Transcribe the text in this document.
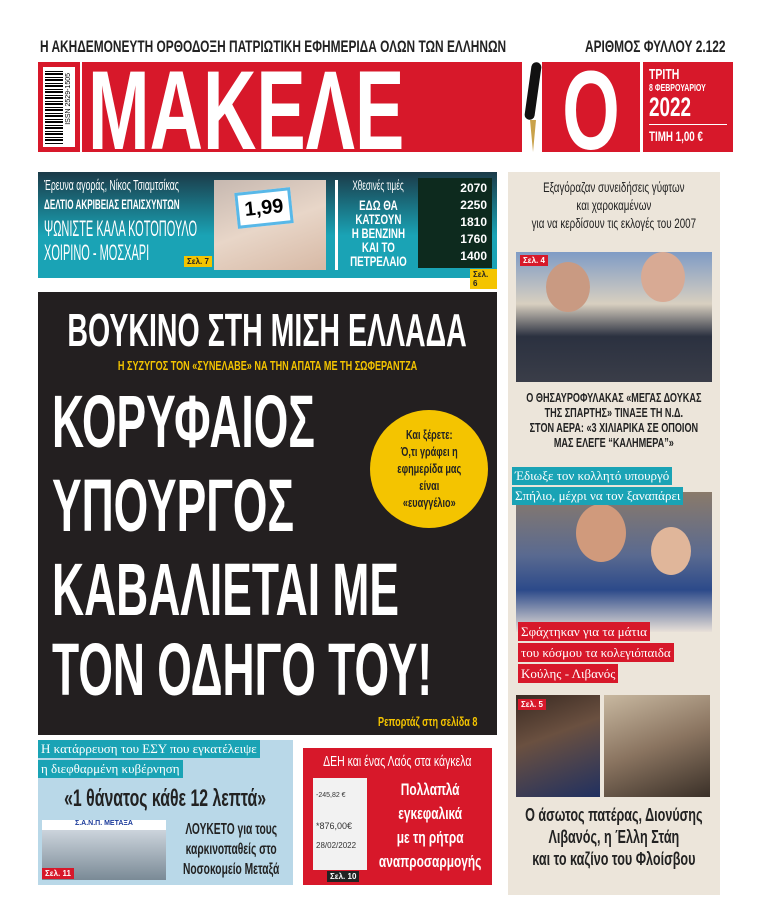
Η ΑΚΗΔΕΜΟΝΕΥΤΗ ΟΡΘΟΔΟΞΗ ΠΑΤΡΙΩΤΙΚΗ ΕΦΗΜΕΡΙΔΑ ΟΛΩΝ ΤΩΝ ΕΛΛΗΝΩΝ	ΑΡΙΘΜΟΣ ΦΥΛΛΟΥ 2.122
ISSN 2529-1505 ΜΑΚΕΛΕ	Ο ΤΡΙΤΗ
8 ΦΕΒΡΟΥΑΡΙΟΥ
2022
ΤΙΜΗ 1,00 €
Έρευνα αγοράς, Νίκος Τσιαμτσίκας
ΔΕΛΤΙΟ ΑΚΡΙΒΕΙΑΣ ΕΠΑΙΣΧΥΝΤΩΝ
ΨΩΝΙΣΤΕ ΚΑΛΑ ΚΟΤΟΠΟΥΛΟ
ΧΟΙΡΙΝΟ - ΜΟΣΧΑΡΙ	Σελ. 7
1,99
Χθεσινές τιμές
ΕΔΩ ΘΑ
ΚΑΤΣΟΥΝ
Η ΒΕΝΖΙΝΗ
ΚΑΙ ΤΟ
ΠΕΤΡΕΛΑΙΟ
2070
2250
1810
1760
1400
Σελ. 6
ΒΟΥΚΙΝΟ ΣΤΗ ΜΙΣΗ ΕΛΛΑΔΑ
Η ΣΥΖΥΓΟΣ ΤΟΝ «ΣΥΝΕΛΑΒΕ» ΝΑ ΤΗΝ ΑΠΑΤΑ ΜΕ ΤΗ ΣΩΦΕΡΑΝΤΖΑ
ΚΟΡΥΦΑΙΟΣ
ΥΠΟΥΡΓΟΣ
ΚΑΒΑΛΙΕΤΑΙ ΜΕ
ΤΟΝ ΟΔΗΓΟ ΤΟΥ!
Και ξέρετε:
Ό,τι γράφει η
εφημερίδα μας
είναι
«ευαγγέλιο»
Ρεπορτάζ στη σελίδα 8
Εξαγόραζαν συνειδήσεις γύφτων
και χαροκαμένων
για να κερδίσουν τις εκλογές του 2007
Σελ. 4
Ο ΘΗΣΑΥΡΟΦΥΛΑΚΑΣ «ΜΕΓΑΣ ΔΟΥΚΑΣ
ΤΗΣ ΣΠΑΡΤΗΣ» ΤΙΝΑΞΕ ΤΗ Ν.Δ.
ΣΤΟΝ ΑΕΡΑ: «3 ΧΙΛΙΑΡΙΚΑ ΣΕ ΟΠΟΙΟΝ
ΜΑΣ ΕΛΕΓΕ “ΚΑΛΗΜΕΡΑ”»
Έδιωξε τον κολλητό υπουργό
Σπήλιο, μέχρι να τον ξαναπάρει
Σφάχτηκαν για τα μάτια
του κόσμου τα κολεγιόπαιδα
Κούλης - Λιβανός
Σελ. 5
Ο άσωτος πατέρας, Διονύσης
Λιβανός, η Έλλη Στάη
και το καζίνο του Φλοίσβου
Η κατάρρευση του ΕΣΥ που εγκατέλειψε
η διεφθαρμένη κυβέρνηση
«1 θάνατος κάθε 12 λεπτά»
Σ.Α.Ν.Π. ΜΕΤΑΞΑ
Σελ. 11
ΛΟΥΚΕΤΟ για τους
καρκινοπαθείς στο
Νοσοκομείο Μεταξά
ΔΕΗ και ένας Λαός στα κάγκελα
-245,82 €
*876,00€
28/02/2022
Σελ. 10
Πολλαπλά
εγκεφαλικά
με τη ρήτρα
αναπροσαρμογής
